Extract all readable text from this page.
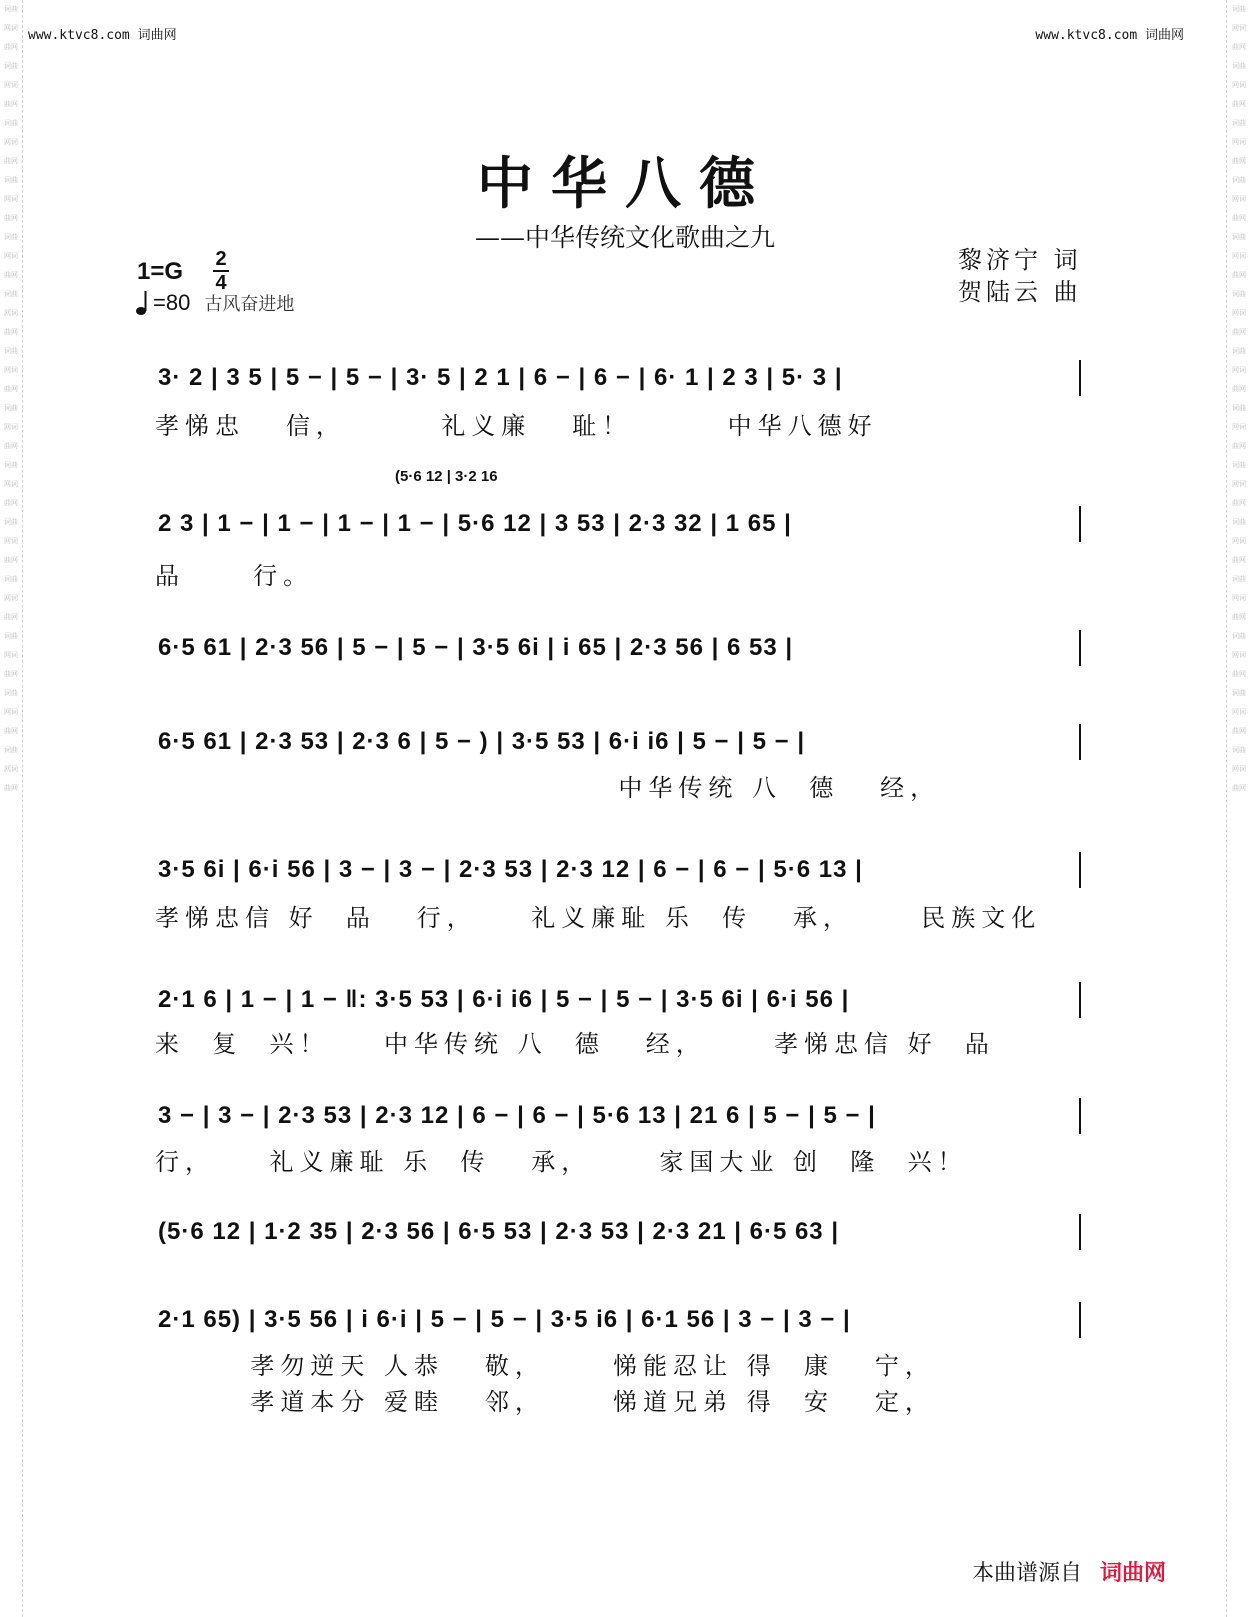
词曲网词曲网词曲网词曲网词曲网词曲网词曲网词曲网词曲网词曲网词曲网词曲网词曲网词曲网词曲网词曲网词曲网词曲网词曲网词曲网词曲网词曲网词曲网词曲网词曲网词曲网词曲网词曲网
词曲网词曲网词曲网词曲网词曲网词曲网词曲网词曲网词曲网词曲网词曲网词曲网词曲网词曲网词曲网词曲网词曲网词曲网词曲网词曲网词曲网词曲网词曲网词曲网词曲网词曲网词曲网词曲网
www.ktvc8.com 词曲网	www.ktvc8.com 词曲网
中华八德
——中华传统文化歌曲之九
1=G 2
4
=80 古风奋进地
黎济宁 词
贺陆云 曲
3· 2 | 3 5 | 5 − | 5 − | 3· 5 | 2 1 | 6 − | 6 − | 6· 1 | 2 3 | 5· 3 |
孝悌忠   信，       礼义廉   耻！       中华八德好
2 3 | 1 − | 1 − | 1 − | 1 − | 5·6 12 | 3 53 | 2·3 32 | 1 65 |
(5·6 12 | 3·2 16
品     行。
6·5 61 | 2·3 56 | 5 − | 5 − | 3·5 6i | i 65 | 2·3 56 | 6 53 |
6·5 61 | 2·3 53 | 2·3 6 | 5 − ) | 3·5 53 | 6·i i6 | 5 − | 5 − |
中华传统 八  德   经，
3·5 6i | 6·i 56 | 3 − | 3 − | 2·3 53 | 2·3 12 | 6 − | 6 − | 5·6 13 |
孝悌忠信 好  品   行，    礼义廉耻 乐  传   承，     民族文化
2·1 6 | 1 − | 1 − ‖: 3·5 53 | 6·i i6 | 5 − | 5 − | 3·5 6i | 6·i 56 |
来  复  兴！    中华传统 八  德   经，     孝悌忠信 好  品
3 − | 3 − | 2·3 53 | 2·3 12 | 6 − | 6 − | 5·6 13 | 21 6 | 5 − | 5 − |
行，    礼义廉耻 乐  传   承，     家国大业 创  隆  兴！
(5·6 12 | 1·2 35 | 2·3 56 | 6·5 53 | 2·3 53 | 2·3 21 | 6·5 63 |
2·1 65) | 3·5 56 | i 6·i | 5 − | 5 − | 3·5 i6 | 6·1 56 | 3 − | 3 − |
孝勿逆天 人恭   敬，     悌能忍让 得  康   宁，
孝道本分 爱睦   邻，     悌道兄弟 得  安   定，
本曲谱源自 词曲网
